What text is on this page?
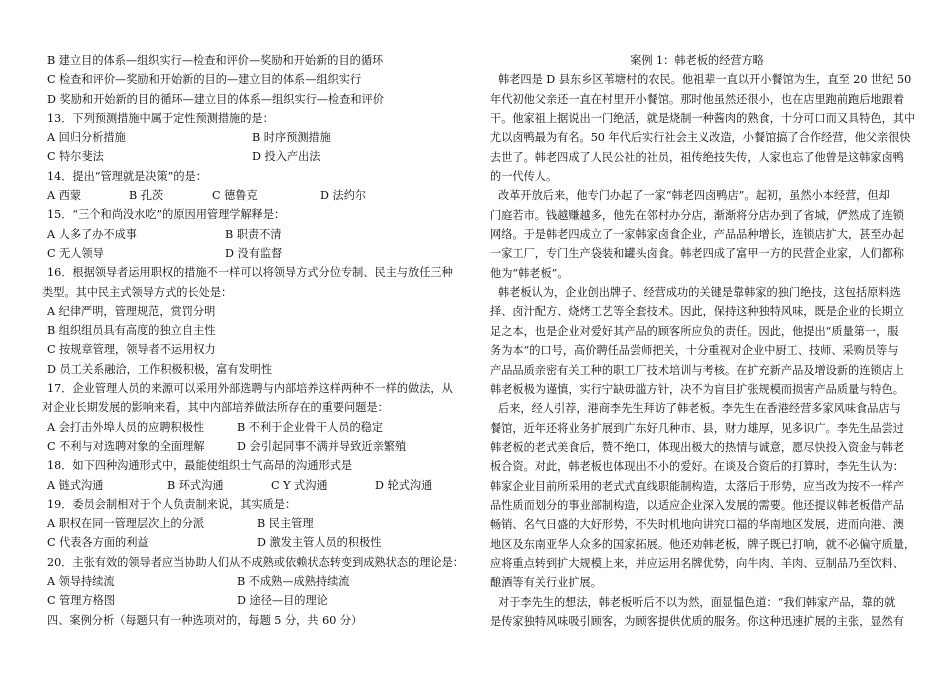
B 建立目的体系—组织实行—检查和评价—奖励和开始新的目的循环
C 检查和评价—奖励和开始新的目的—建立目的体系—组织实行
D 奖励和开始新的目的循环—建立目的体系—组织实行—检查和评价
13．下列预测措施中属于定性预测措施的是：
A 回归分析措施	B 时序预测措施
C 特尔斐法	D 投入产出法
14．提出“管理就是决策”的是：
A 西蒙	B 孔茨	C 德鲁克	D 法约尔
15．“三个和尚没水吃”的原因用管理学解释是：
A 人多了办不成事	B 职责不清
C 无人领导	D 没有监督
16．根据领导者运用职权的措施不一样可以将领导方式分位专制、民主与放任三种
类型。其中民主式领导方式的长处是：
A 纪律严明，管理规范，赏罚分明
B 组织组员具有高度的独立自主性
C 按规章管理，领导者不运用权力
D 员工关系融洽，工作积极积极，富有发明性
17．企业管理人员的来源可以采用外部选聘与内部培养这样两种不一样的做法，从
对企业长期发展的影响来看，其中内部培养做法所存在的重要问题是：
A 会打击外埠人员的应聘积极性	B 不利于企业骨干人员的稳定
C 不利与对选聘对象的全面理解	D 会引起同事不满并导致近亲繁殖
18．如下四种沟通形式中，最能使组织士气高昂的沟通形式是
A 链式沟通	B 环式沟通	C Y 式沟通	D 轮式沟通
19．委员会制相对于个人负责制来说，其实质是：
A 职权在同一管理层次上的分派	B 民主管理
C 代表各方面的利益	D 激发主管人员的积极性
20．主张有效的领导者应当协助人们从不成熟或依赖状态转变到成熟状态的理论是：
A 领导持续流	B 不成熟—成熟持续流
C 管理方格图	D 途径—目的理论
四、案例分析（每题只有一种选项对的，每题 5 分，共 60 分）
案例 1：韩老板的经营方略
韩老四是 D 县东乡区苇塘村的农民。他祖辈一直以开小餐馆为生，直至 20 世纪 50
年代初他父亲还一直在村里开小餐馆。那时他虽然还很小，也在店里跑前跑后地跟着
干。他家祖上据说出一门绝活，就是烧制一种酱肉的熟食，十分可口而又具特色，其中
尤以卤鸭最为有名。50 年代后实行社会主义改造，小餐馆搞了合作经营，他父亲很快
去世了。韩老四成了人民公社的社员，祖传绝技失传，人家也忘了他曾是这韩家卤鸭
的一代传人。
改革开放后来，他专门办起了一家“韩老四卤鸭店”。起初，虽然小本经营，但却
门庭若市。钱越赚越多，他先在邻村办分店，渐渐将分店办到了省城，俨然成了连锁
网络。于是韩老四成立了一家韩家卤食企业，产品品种增长，连锁店扩大，甚至办起
一家工厂，专门生产袋装和罐头卤食。韩老四成了富甲一方的民营企业家，人们都称
他为“韩老板”。
韩老板认为，企业创出牌子、经营成功的关键是靠韩家的独门绝技，这包括原料选
择、卤汁配方、烧烤工艺等全套技术。因此，保持这种独特风味，既是企业的长期立
足之本，也是企业对爱好其产品的顾客所应负的责任。因此，他提出“质量第一，服
务为本”的口号，高价聘任品尝师把关，十分重视对企业中厨工、技师、采购员等与
产品品质亲密有关工种的职工厂技术培训与考核。在扩充新产品及增设新的连锁店上
韩老板极为谨慎，实行宁缺毋滥方针，决不为盲目扩张规模而损害产品质量与特色。
后来，经人引荐，港商李先生拜访了韩老板。李先生在香港经营多家风味食品店与
餐馆，近年还将业务扩展到广东好几种市、县，财力雄厚，见多识广。李先生品尝过
韩老板的老式美食后，赞不绝口，体现出极大的热情与诚意，愿尽快投入资金与韩老
板合资。对此，韩老板也体现出不小的爱好。在谈及合资后的打算时，李先生认为：
韩家企业目前所采用的老式式直线职能制构造，太落后于形势，应当改为按不一样产
品性质而划分的事业部制构造，以适应企业深入发展的需要。他还提议韩老板借产品
畅销、名气日盛的大好形势，不失时机地向讲究口福的华南地区发展，进而向港、澳
地区及东南亚华人众多的国家拓展。他还劝韩老板，牌子既已打响，就不必偏守质量，
应将重点转到扩大规模上来，并应运用名牌优势，向牛肉、羊肉、豆制品乃至饮料、
酿酒等有关行业扩展。
对于李先生的想法，韩老板听后不以为然，面显愠色道：“我们韩家产品，靠的就
是传家独特风味吸引顾客，为顾客提供优质的服务。你这种迅速扩展的主张，显然有
